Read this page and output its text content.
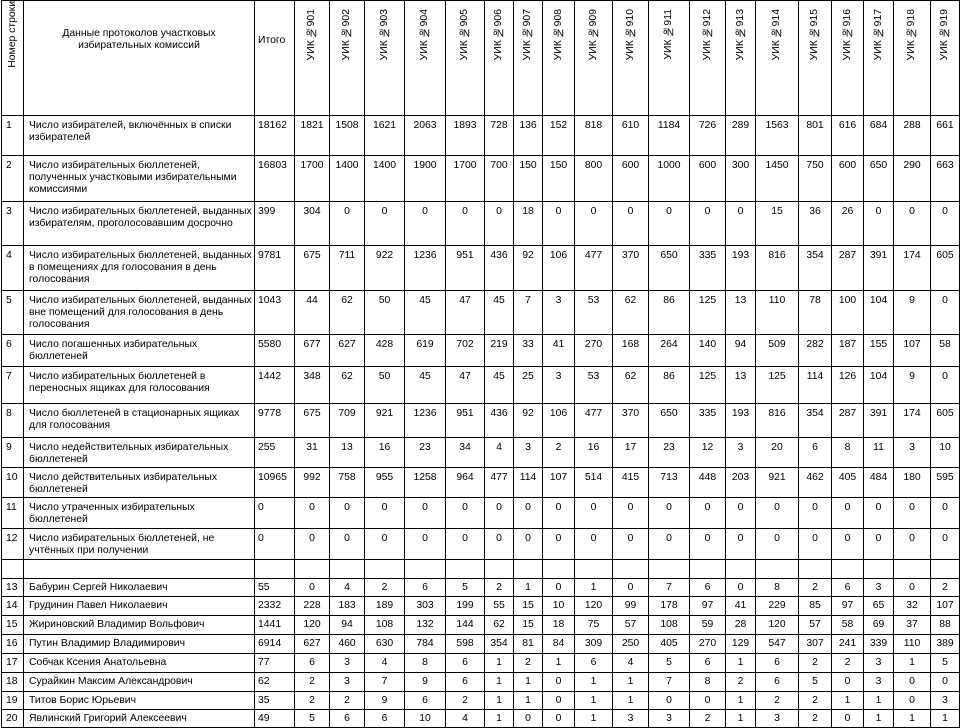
Номер строки	Данные протоколов участковых избирательных комиссий	Итого	УИК №901	УИК №902	УИК №903	УИК №904	УИК №905	УИК №906	УИК №907	УИК №908	УИК №909	УИК №910	УИК №911	УИК №912	УИК №913	УИК №914	УИК №915	УИК №916	УИК №917	УИК №918	УИК №919

1	Число избирателей, включённых в списки избирателей	18162	1821	1508	1621	2063	1893	728	136	152	818	610	1184	726	289	1563	801	616	684	288	661
2	Число избирательных бюллетеней, полученных участковыми избирательными комиссиями	16803	1700	1400	1400	1900	1700	700	150	150	800	600	1000	600	300	1450	750	600	650	290	663
3	Число избирательных бюллетеней, выданных избирателям, проголосовавшим досрочно	399	304	0	0	0	0	0	18	0	0	0	0	0	0	15	36	26	0	0	0
4	Число избирательных бюллетеней, выданных в помещениях для голосования в день голосования	9781	675	711	922	1236	951	436	92	106	477	370	650	335	193	816	354	287	391	174	605
5	Число избирательных бюллетеней, выданных вне помещений для голосования в день голосования	1043	44	62	50	45	47	45	7	3	53	62	86	125	13	110	78	100	104	9	0
6	Число погашенных избирательных бюллетеней	5580	677	627	428	619	702	219	33	41	270	168	264	140	94	509	282	187	155	107	58
7	Число избирательных бюллетеней в переносных ящиках для голосования	1442	348	62	50	45	47	45	25	3	53	62	86	125	13	125	114	126	104	9	0
8	Число бюллетеней в стационарных ящиках для голосования	9778	675	709	921	1236	951	436	92	106	477	370	650	335	193	816	354	287	391	174	605
9	Число недействительных избирательных бюллетеней	255	31	13	16	23	34	4	3	2	16	17	23	12	3	20	6	8	11	3	10
10	Число действительных избирательных бюллетеней	10965	992	758	955	1258	964	477	114	107	514	415	713	448	203	921	462	405	484	180	595
11	Число утраченных избирательных бюллетеней	0	0	0	0	0	0	0	0	0	0	0	0	0	0	0	0	0	0	0	0
12	Число избирательных бюллетеней, не учтённых при получении	0	0	0	0	0	0	0	0	0	0	0	0	0	0	0	0	0	0	0	0

13	Бабурин Сергей Николаевич	55	0	4	2	6	5	2	1	0	1	0	7	6	0	8	2	6	3	0	2
14	Грудинин Павел Николаевич	2332	228	183	189	303	199	55	15	10	120	99	178	97	41	229	85	97	65	32	107
15	Жириновский Владимир Вольфович	1441	120	94	108	132	144	62	15	18	75	57	108	59	28	120	57	58	69	37	88
16	Путин Владимир Владимирович	6914	627	460	630	784	598	354	81	84	309	250	405	270	129	547	307	241	339	110	389
17	Собчак Ксения Анатольевна	77	6	3	4	8	6	1	2	1	6	4	5	6	1	6	2	2	3	1	5
18	Сурайкин Максим Александрович	62	2	3	7	9	6	1	1	0	1	1	7	8	2	6	5	0	3	0	0
19	Титов Борис Юрьевич	35	2	2	9	6	2	1	1	0	1	1	0	0	1	2	2	1	1	0	3
20	Явлинский Григорий Алексеевич	49	5	6	6	10	4	1	0	0	1	3	3	2	1	3	2	0	1	1	1
